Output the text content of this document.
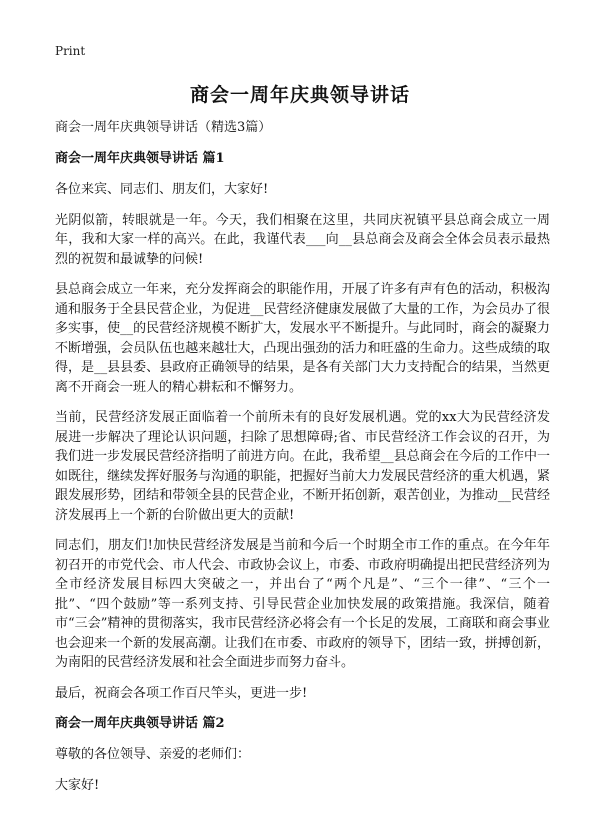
Print
商会一周年庆典领导讲话

商会一周年庆典领导讲话（精选3篇）

商会一周年庆典领导讲话 篇1

各位来宾、同志们、朋友们，大家好!

光阴似箭，转眼就是一年。今天，我们相聚在这里，共同庆祝镇平县总商会成立一周年，我和大家一样的高兴。在此，我谨代表___向__县总商会及商会全体会员表示最热烈的祝贺和最诚挚的问候!

县总商会成立一年来，充分发挥商会的职能作用，开展了许多有声有色的活动，积极沟通和服务于全县民营企业，为促进__民营经济健康发展做了大量的工作，为会员办了很多实事，使__的民营经济规模不断扩大，发展水平不断提升。与此同时，商会的凝聚力不断增强，会员队伍也越来越壮大，凸现出强劲的活力和旺盛的生命力。这些成绩的取得，是__县县委、县政府正确领导的结果，是各有关部门大力支持配合的结果，当然更离不开商会一班人的精心耕耘和不懈努力。

当前，民营经济发展正面临着一个前所未有的良好发展机遇。党的xx大为民营经济发展进一步解决了理论认识问题，扫除了思想障碍;省、市民营经济工作会议的召开，为我们进一步发展民营经济指明了前进方向。在此，我希望__县总商会在今后的工作中一如既往，继续发挥好服务与沟通的职能，把握好当前大力发展民营经济的重大机遇，紧跟发展形势，团结和带领全县的民营企业，不断开拓创新，艰苦创业，为推动__民营经济发展再上一个新的台阶做出更大的贡献!

同志们，朋友们!加快民营经济发展是当前和今后一个时期全市工作的重点。在今年年初召开的市党代会、市人代会、市政协会议上，市委、市政府明确提出把民营经济列为全市经济发展目标四大突破之一，并出台了“两个凡是”、“三个一律”、“三个一批”、“四个鼓励”等一系列支持、引导民营企业加快发展的政策措施。我深信，随着市“三会”精神的贯彻落实，我市民营经济必将会有一个长足的发展，工商联和商会事业也会迎来一个新的发展高潮。让我们在市委、市政府的领导下，团结一致，拼搏创新，为南阳的民营经济发展和社会全面进步而努力奋斗。

最后，祝商会各项工作百尺竿头，更进一步!

商会一周年庆典领导讲话 篇2

尊敬的各位领导、亲爱的老师们：

大家好!
